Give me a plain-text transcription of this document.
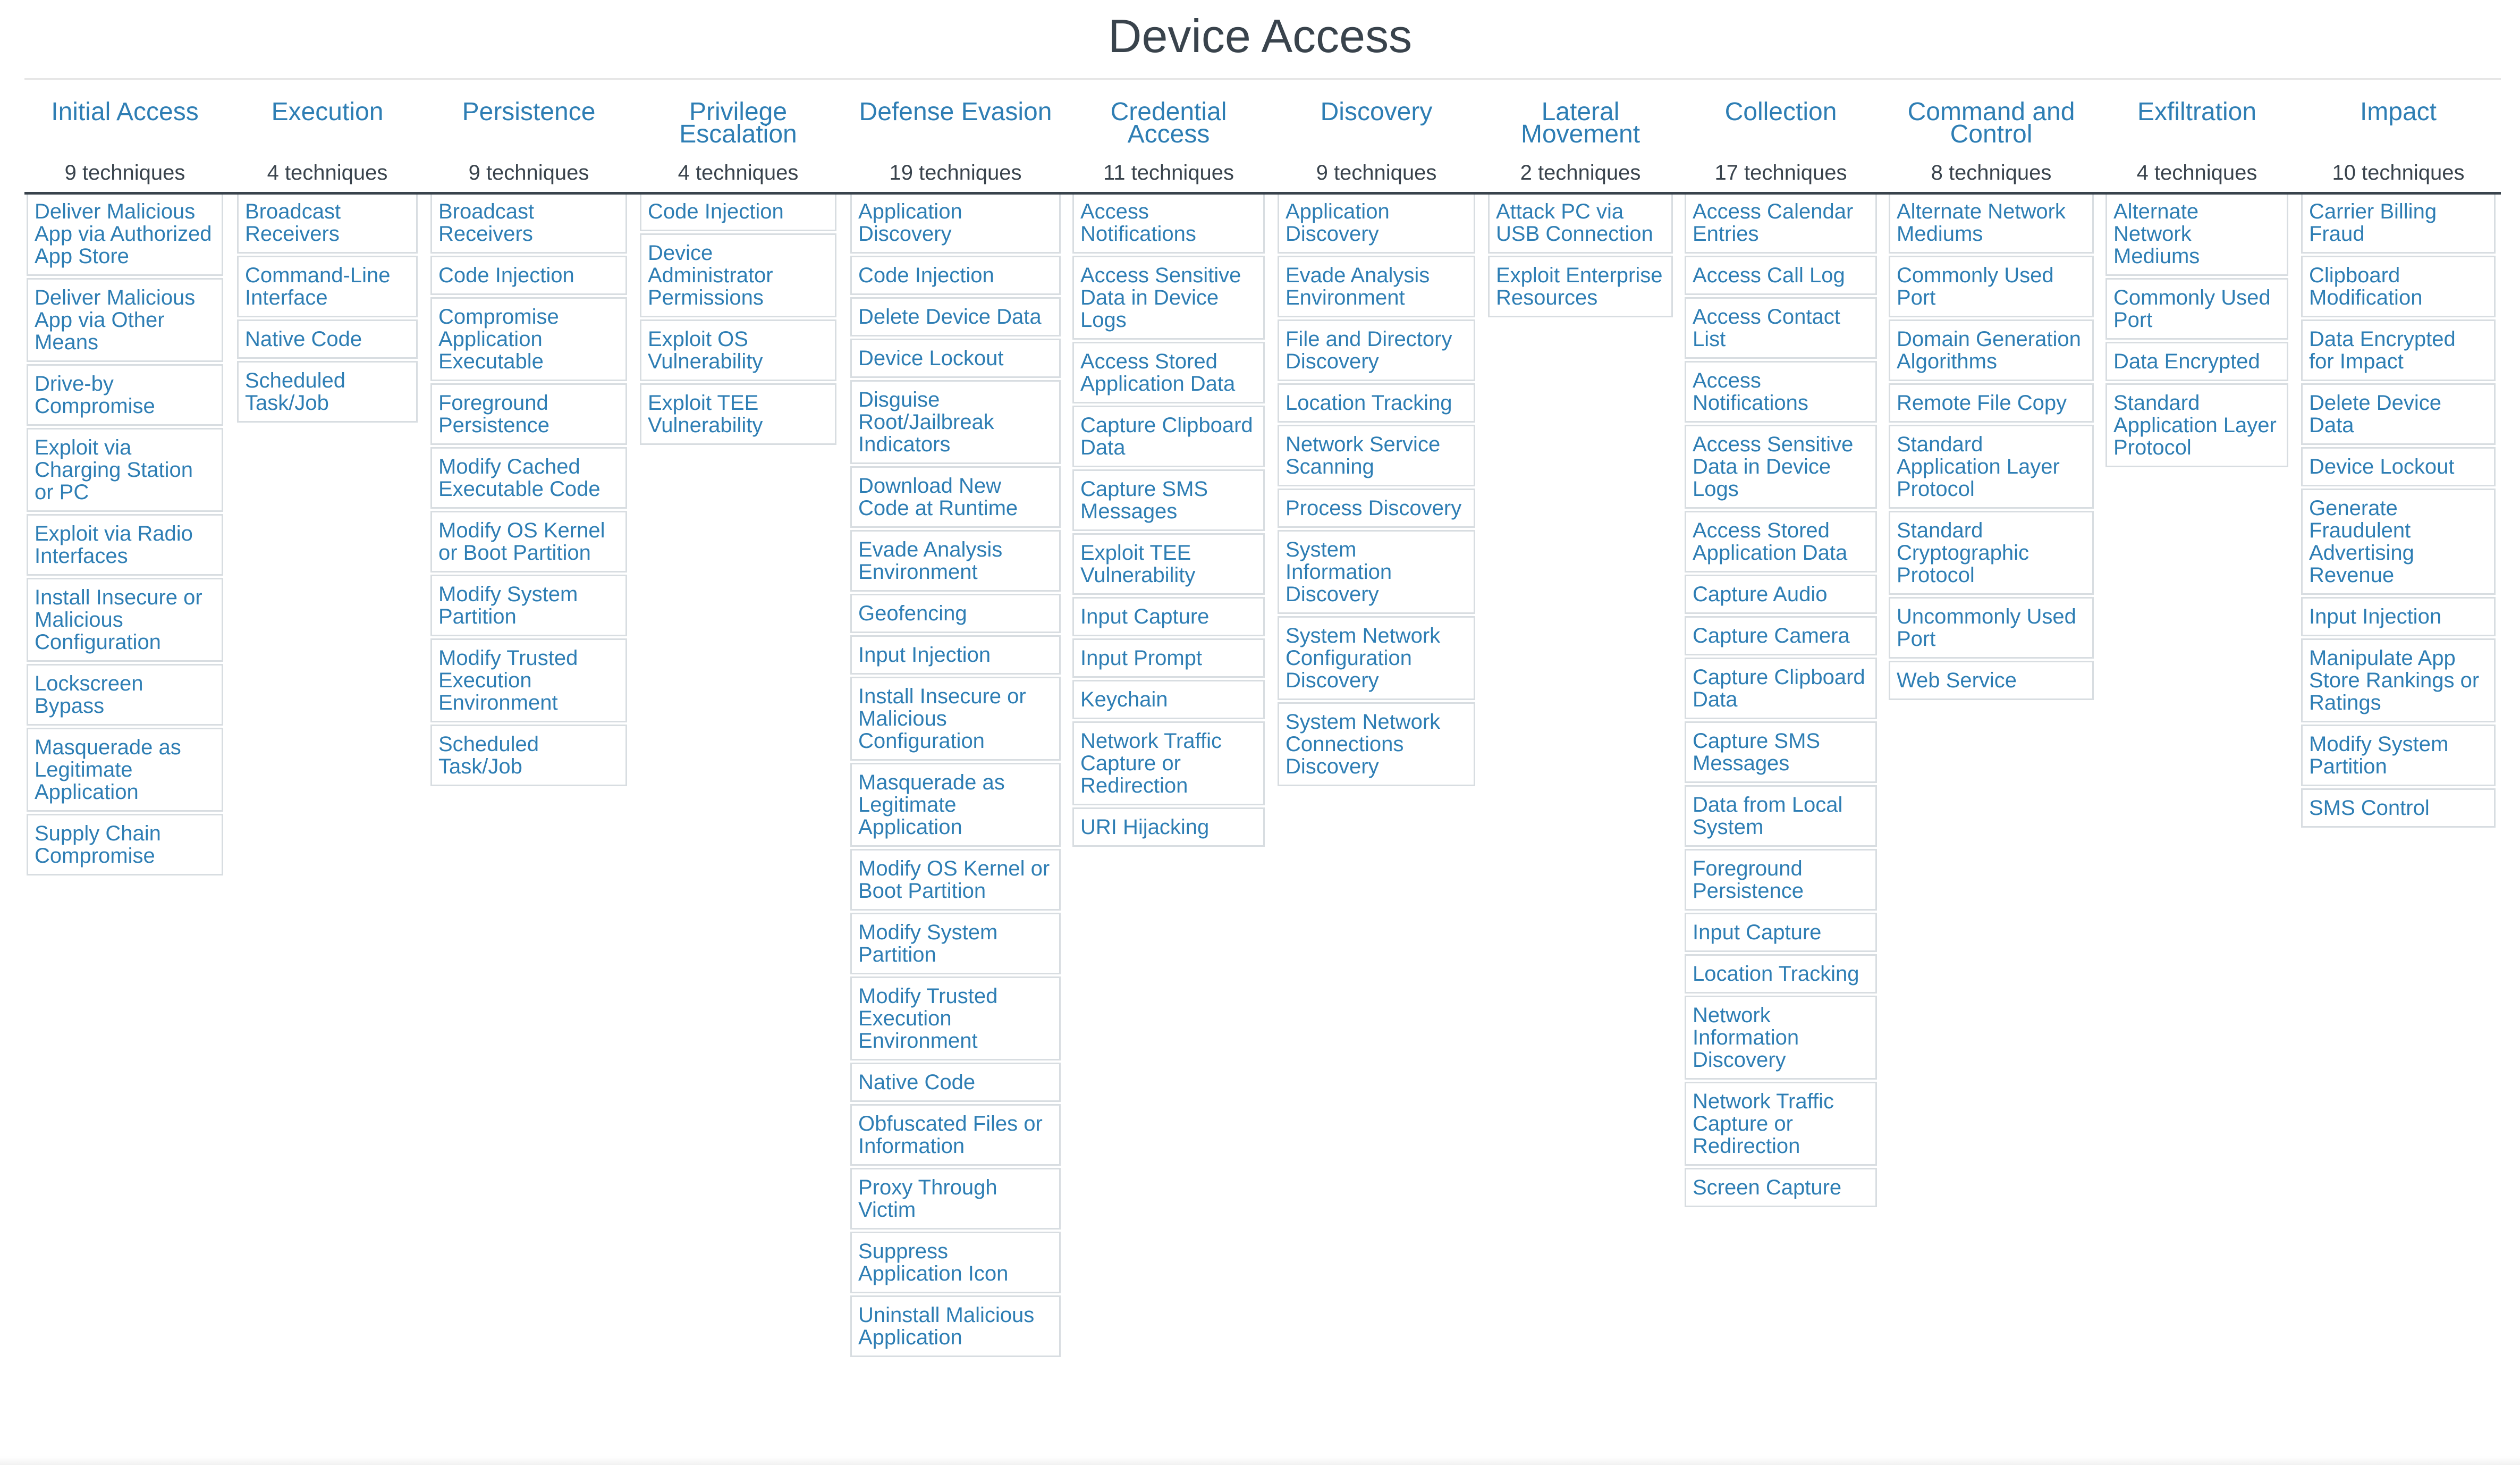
Device Access
Initial Access
9 techniques
Deliver Malicious
App via Authorized
App Store
Deliver Malicious
App via Other
Means
Drive-by
Compromise
Exploit via
Charging Station
or PC
Exploit via Radio
Interfaces
Install Insecure or
Malicious
Configuration
Lockscreen
Bypass
Masquerade as
Legitimate
Application
Supply Chain
Compromise
Execution
4 techniques
Broadcast
Receivers
Command-Line
Interface
Native Code
Scheduled
Task/Job
Persistence
9 techniques
Broadcast
Receivers
Code Injection
Compromise
Application
Executable
Foreground
Persistence
Modify Cached
Executable Code
Modify OS Kernel
or Boot Partition
Modify System
Partition
Modify Trusted
Execution
Environment
Scheduled
Task/Job
Privilege
Escalation
4 techniques
Code Injection
Device
Administrator
Permissions
Exploit OS
Vulnerability
Exploit TEE
Vulnerability
Defense Evasion
19 techniques
Application
Discovery
Code Injection
Delete Device Data
Device Lockout
Disguise
Root/Jailbreak
Indicators
Download New
Code at Runtime
Evade Analysis
Environment
Geofencing
Input Injection
Install Insecure or
Malicious
Configuration
Masquerade as
Legitimate
Application
Modify OS Kernel or
Boot Partition
Modify System
Partition
Modify Trusted
Execution
Environment
Native Code
Obfuscated Files or
Information
Proxy Through
Victim
Suppress
Application Icon
Uninstall Malicious
Application
Credential
Access
11 techniques
Access
Notifications
Access Sensitive
Data in Device
Logs
Access Stored
Application Data
Capture Clipboard
Data
Capture SMS
Messages
Exploit TEE
Vulnerability
Input Capture
Input Prompt
Keychain
Network Traffic
Capture or
Redirection
URI Hijacking
Discovery
9 techniques
Application
Discovery
Evade Analysis
Environment
File and Directory
Discovery
Location Tracking
Network Service
Scanning
Process Discovery
System
Information
Discovery
System Network
Configuration
Discovery
System Network
Connections
Discovery
Lateral
Movement
2 techniques
Attack PC via
USB Connection
Exploit Enterprise
Resources
Collection
17 techniques
Access Calendar
Entries
Access Call Log
Access Contact
List
Access
Notifications
Access Sensitive
Data in Device
Logs
Access Stored
Application Data
Capture Audio
Capture Camera
Capture Clipboard
Data
Capture SMS
Messages
Data from Local
System
Foreground
Persistence
Input Capture
Location Tracking
Network
Information
Discovery
Network Traffic
Capture or
Redirection
Screen Capture
Command and
Control
8 techniques
Alternate Network
Mediums
Commonly Used
Port
Domain Generation
Algorithms
Remote File Copy
Standard
Application Layer
Protocol
Standard
Cryptographic
Protocol
Uncommonly Used
Port
Web Service
Exfiltration
4 techniques
Alternate
Network
Mediums
Commonly Used
Port
Data Encrypted
Standard
Application Layer
Protocol
Impact
10 techniques
Carrier Billing
Fraud
Clipboard
Modification
Data Encrypted
for Impact
Delete Device
Data
Device Lockout
Generate
Fraudulent
Advertising
Revenue
Input Injection
Manipulate App
Store Rankings or
Ratings
Modify System
Partition
SMS Control
